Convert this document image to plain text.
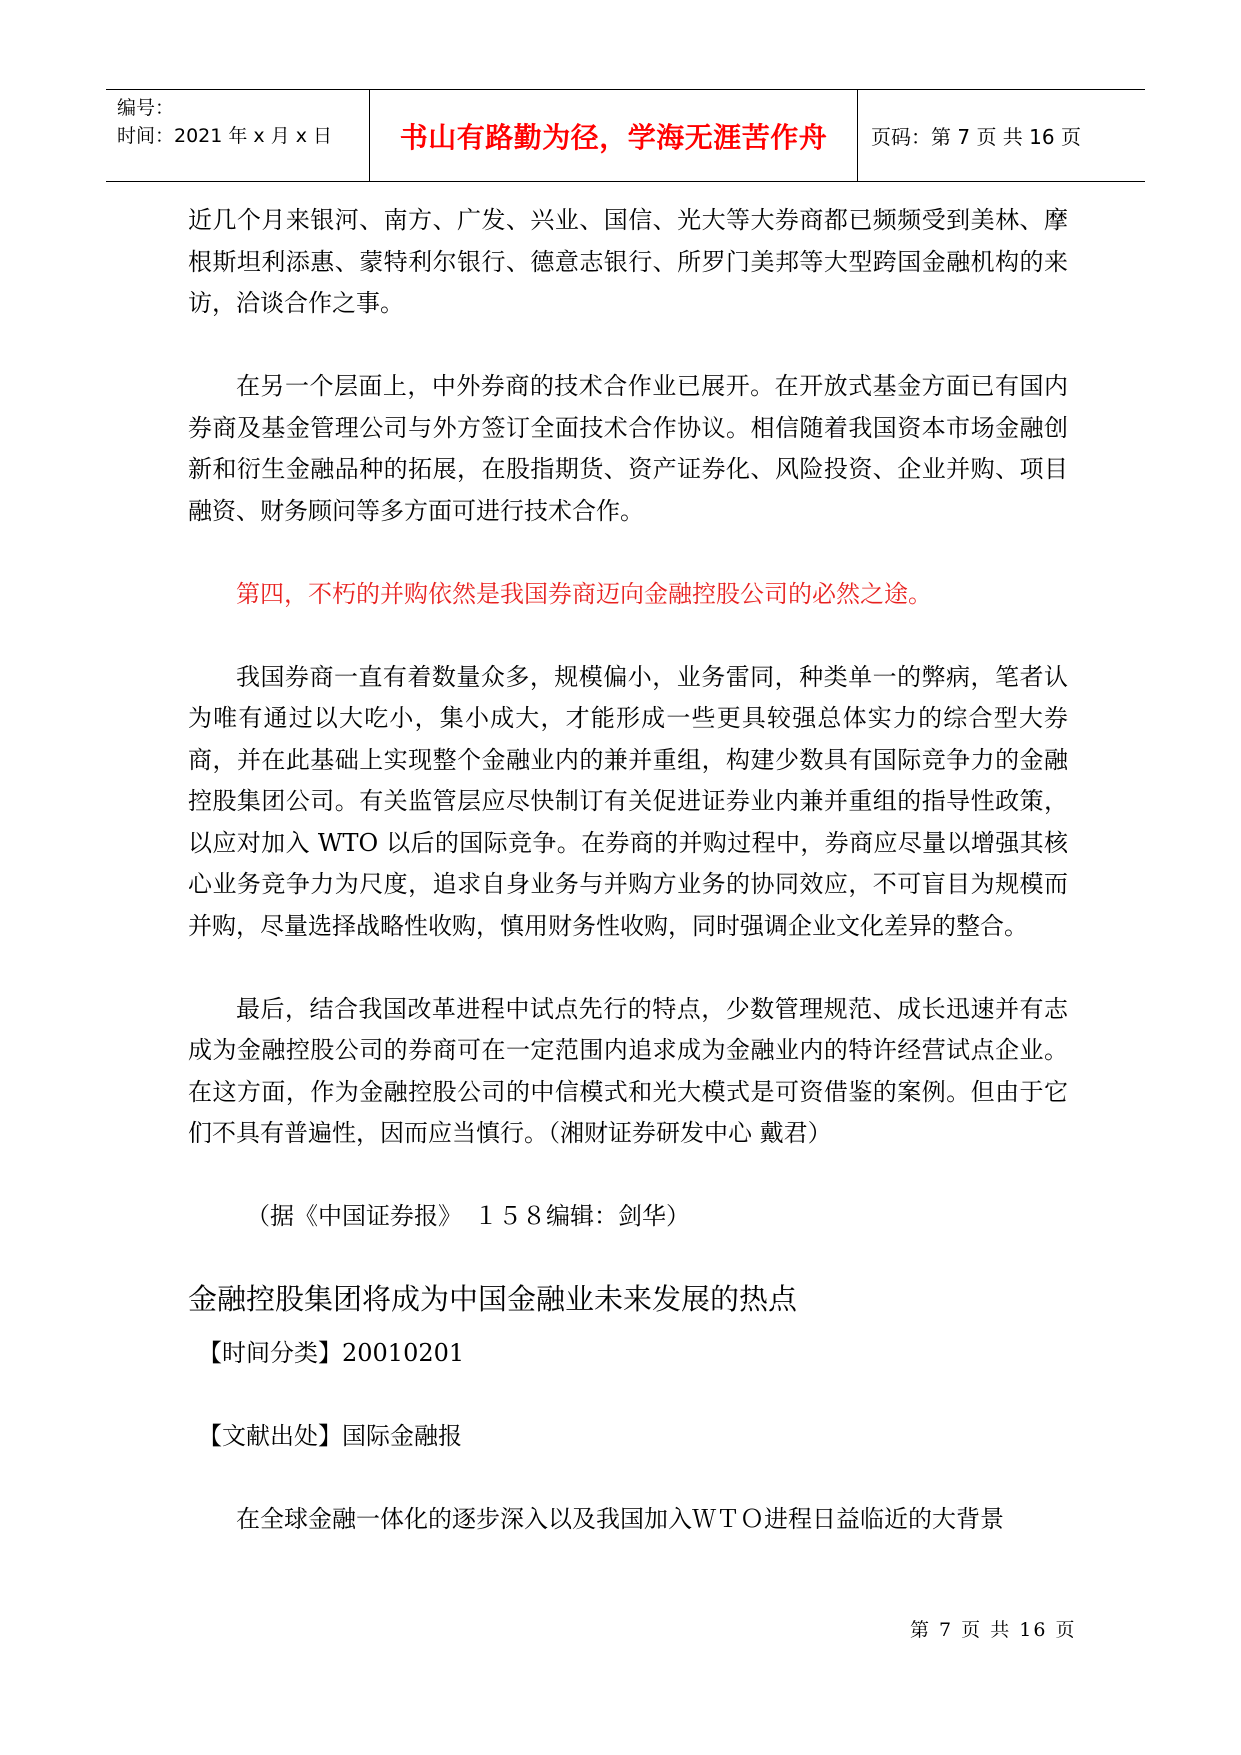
编号：
时间：2021 年 x 月 x 日	书山有路勤为径，学海无涯苦作舟	页码：第 7 页 共 16 页

近几个月来银河、南方、广发、兴业、国信、光大等大券商都已频频受到美林、摩根斯坦利添惠、蒙特利尔银行、德意志银行、所罗门美邦等大型跨国金融机构的来访，洽谈合作之事。

在另一个层面上，中外券商的技术合作业已展开。在开放式基金方面已有国内券商及基金管理公司与外方签订全面技术合作协议。相信随着我国资本市场金融创新和衍生金融品种的拓展，在股指期货、资产证券化、风险投资、企业并购、项目融资、财务顾问等多方面可进行技术合作。

第四，不朽的并购依然是我国券商迈向金融控股公司的必然之途。

我国券商一直有着数量众多，规模偏小，业务雷同，种类单一的弊病，笔者认为唯有通过以大吃小，集小成大，才能形成一些更具较强总体实力的综合型大券商，并在此基础上实现整个金融业内的兼并重组，构建少数具有国际竞争力的金融控股集团公司。有关监管层应尽快制订有关促进证券业内兼并重组的指导性政策，以应对加入 WTO 以后的国际竞争。在券商的并购过程中，券商应尽量以增强其核心业务竞争力为尺度，追求自身业务与并购方业务的协同效应，不可盲目为规模而并购，尽量选择战略性收购，慎用财务性收购，同时强调企业文化差异的整合。

最后，结合我国改革进程中试点先行的特点，少数管理规范、成长迅速并有志成为金融控股公司的券商可在一定范围内追求成为金融业内的特许经营试点企业。在这方面，作为金融控股公司的中信模式和光大模式是可资借鉴的案例。但由于它们不具有普遍性，因而应当慎行。（湘财证券研发中心 戴君）

（据《中国证券报》　１５８编辑：剑华）

金融控股集团将成为中国金融业未来发展的热点

【时间分类】20010201

【文献出处】国际金融报

在全球金融一体化的逐步深入以及我国加入ＷＴＯ进程日益临近的大背景

第 7 页 共 16 页
